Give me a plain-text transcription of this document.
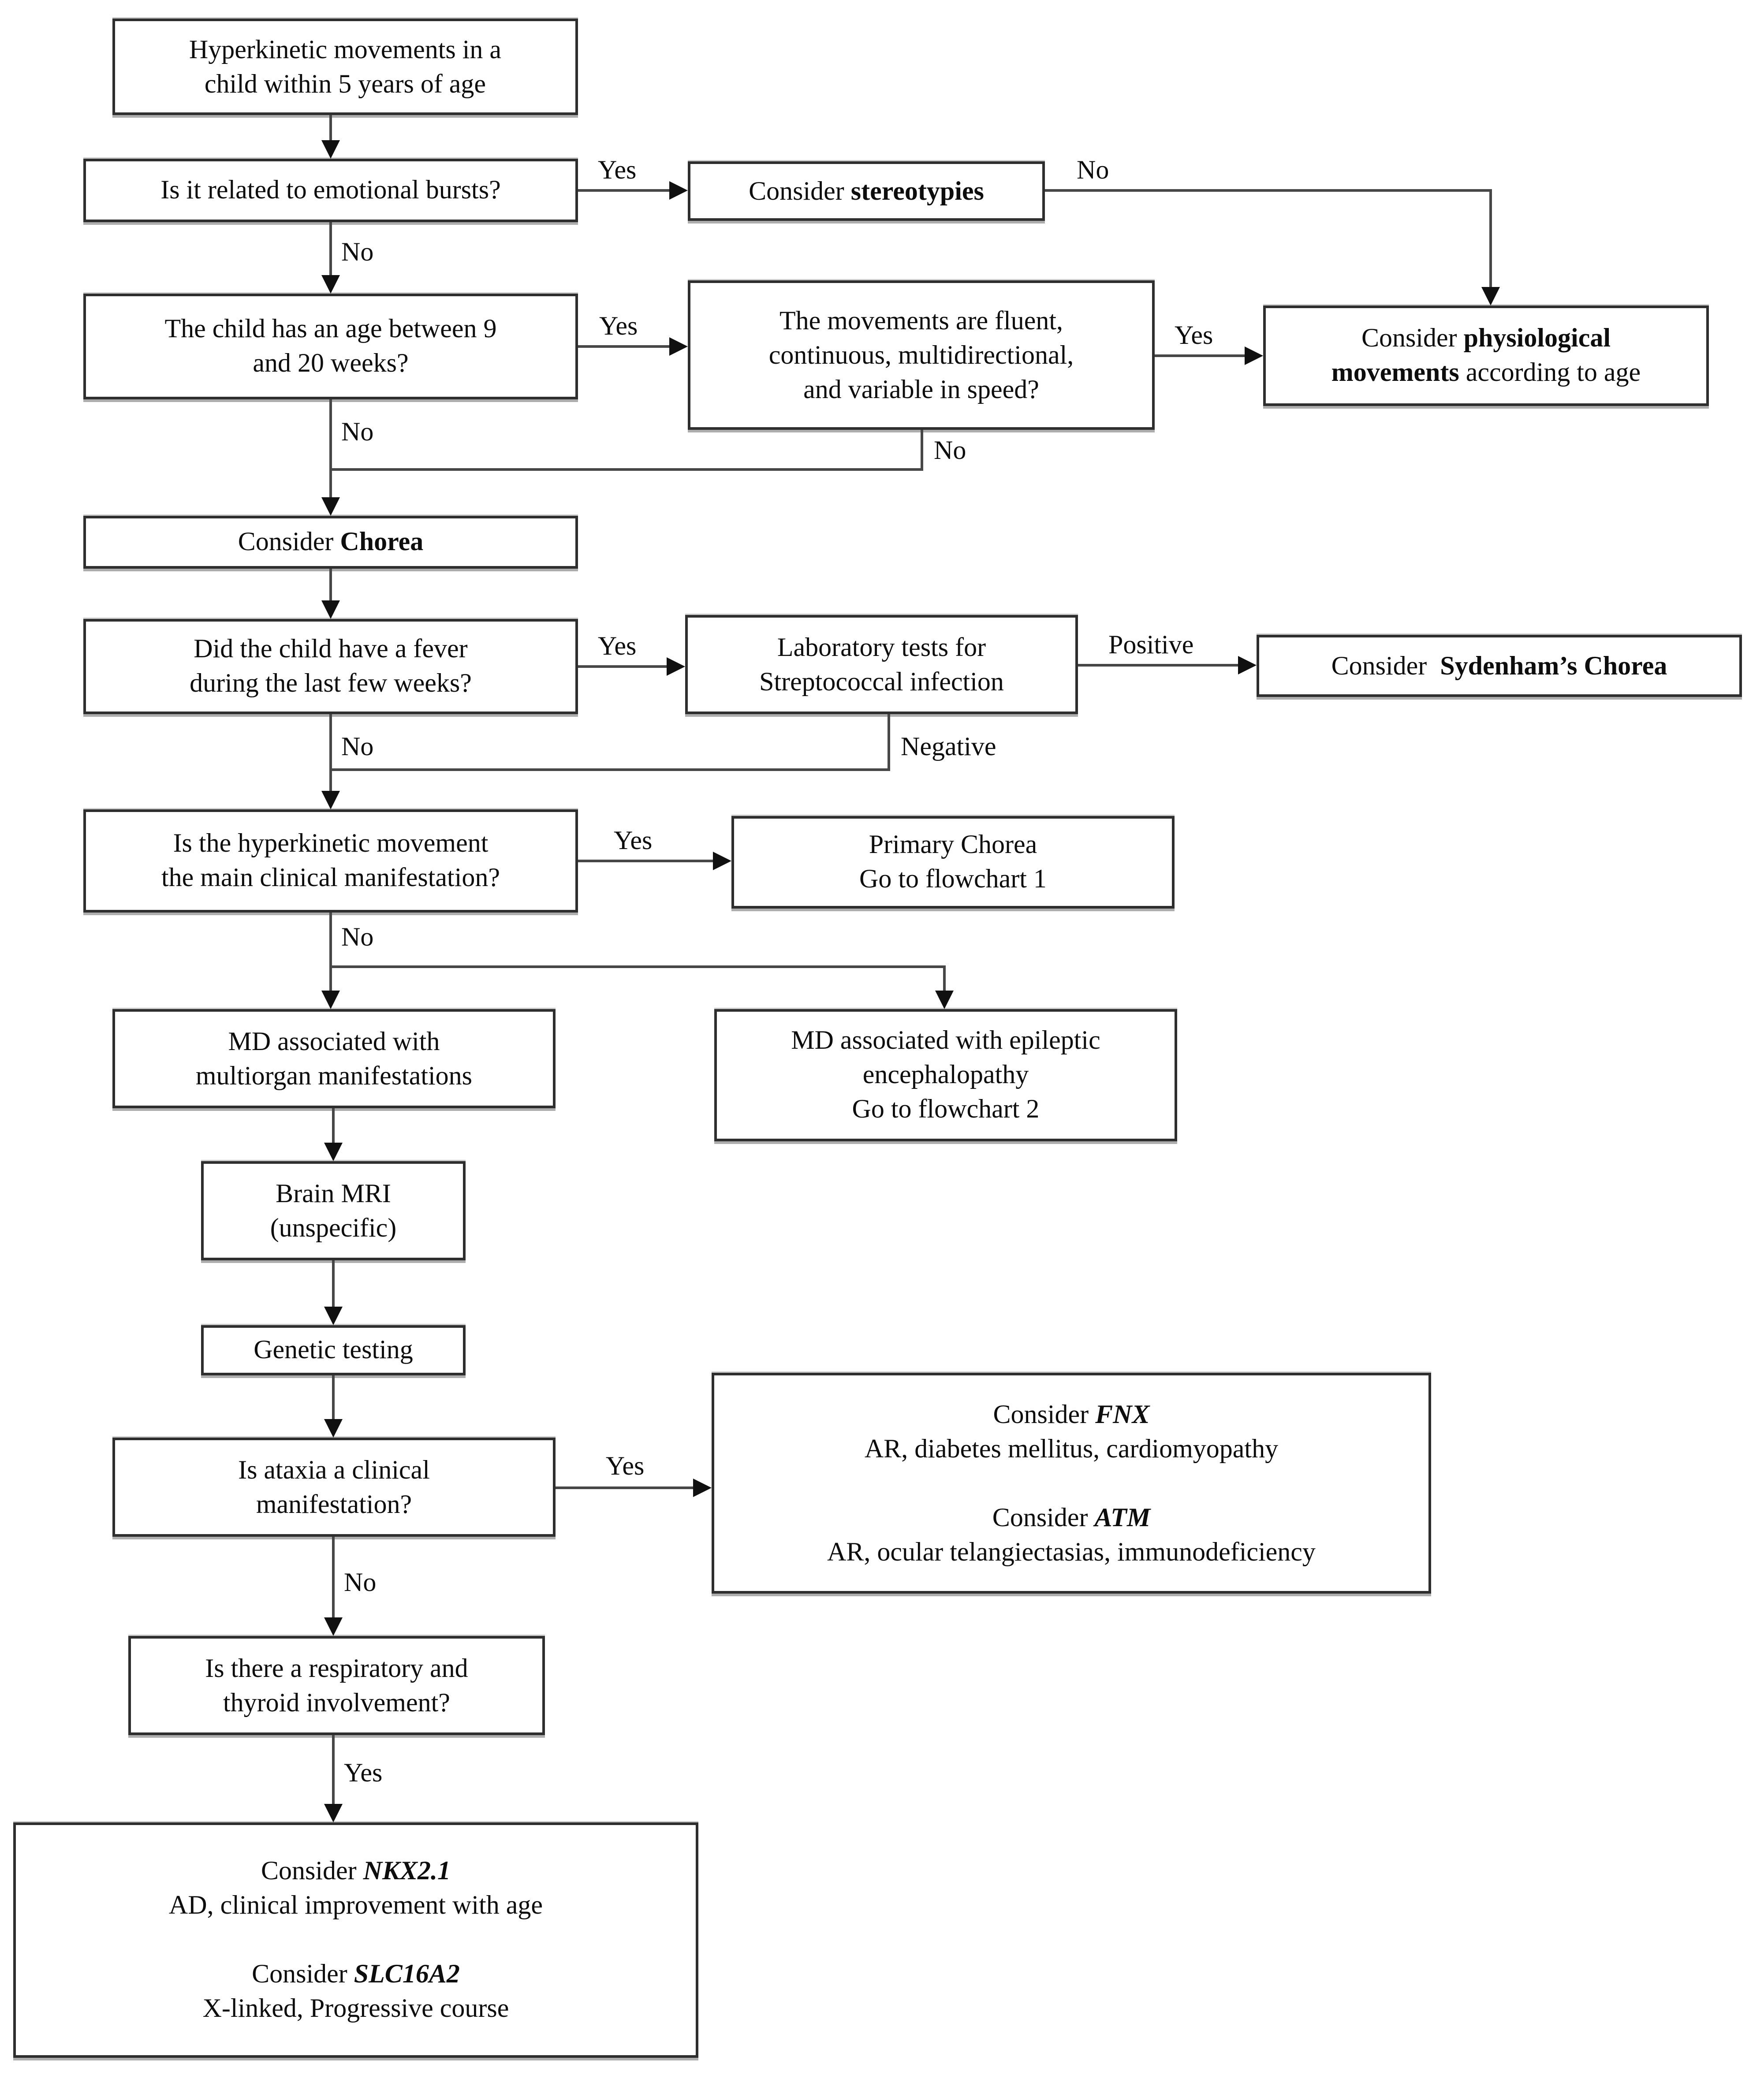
Hyperkinetic movements in a
child within 5 years of age
Is it related to emotional bursts?	Consider stereotypies
The child has an age between 9
and 20 weeks?
The movements are fluent,
continuous, multidirectional,
and variable in speed?
Consider physiological
movements according to age
Consider Chorea
Did the child have a fever
during the last few weeks?
Laboratory tests for
Streptococcal infection
Consider  Sydenham’s Chorea
Is the hyperkinetic movement
the main clinical manifestation?
Primary Chorea
Go to flowchart 1
MD associated with
multiorgan manifestations
MD associated with epileptic
encephalopathy
Go to flowchart 2
Brain MRI
(unspecific)
Genetic testing
Is ataxia a clinical
manifestation?
Consider FNX
AR, diabetes mellitus, cardiomyopathy
Consider ATM
AR, ocular telangiectasias, immunodeficiency
Is there a respiratory and
thyroid involvement?
Consider NKX2.1
AD, clinical improvement with age
Consider SLC16A2
X-linked, Progressive course
Yes	No
No
Yes	Yes
No
No
Yes	Positive
Negative
No
Yes
No
Yes
No
Yes
